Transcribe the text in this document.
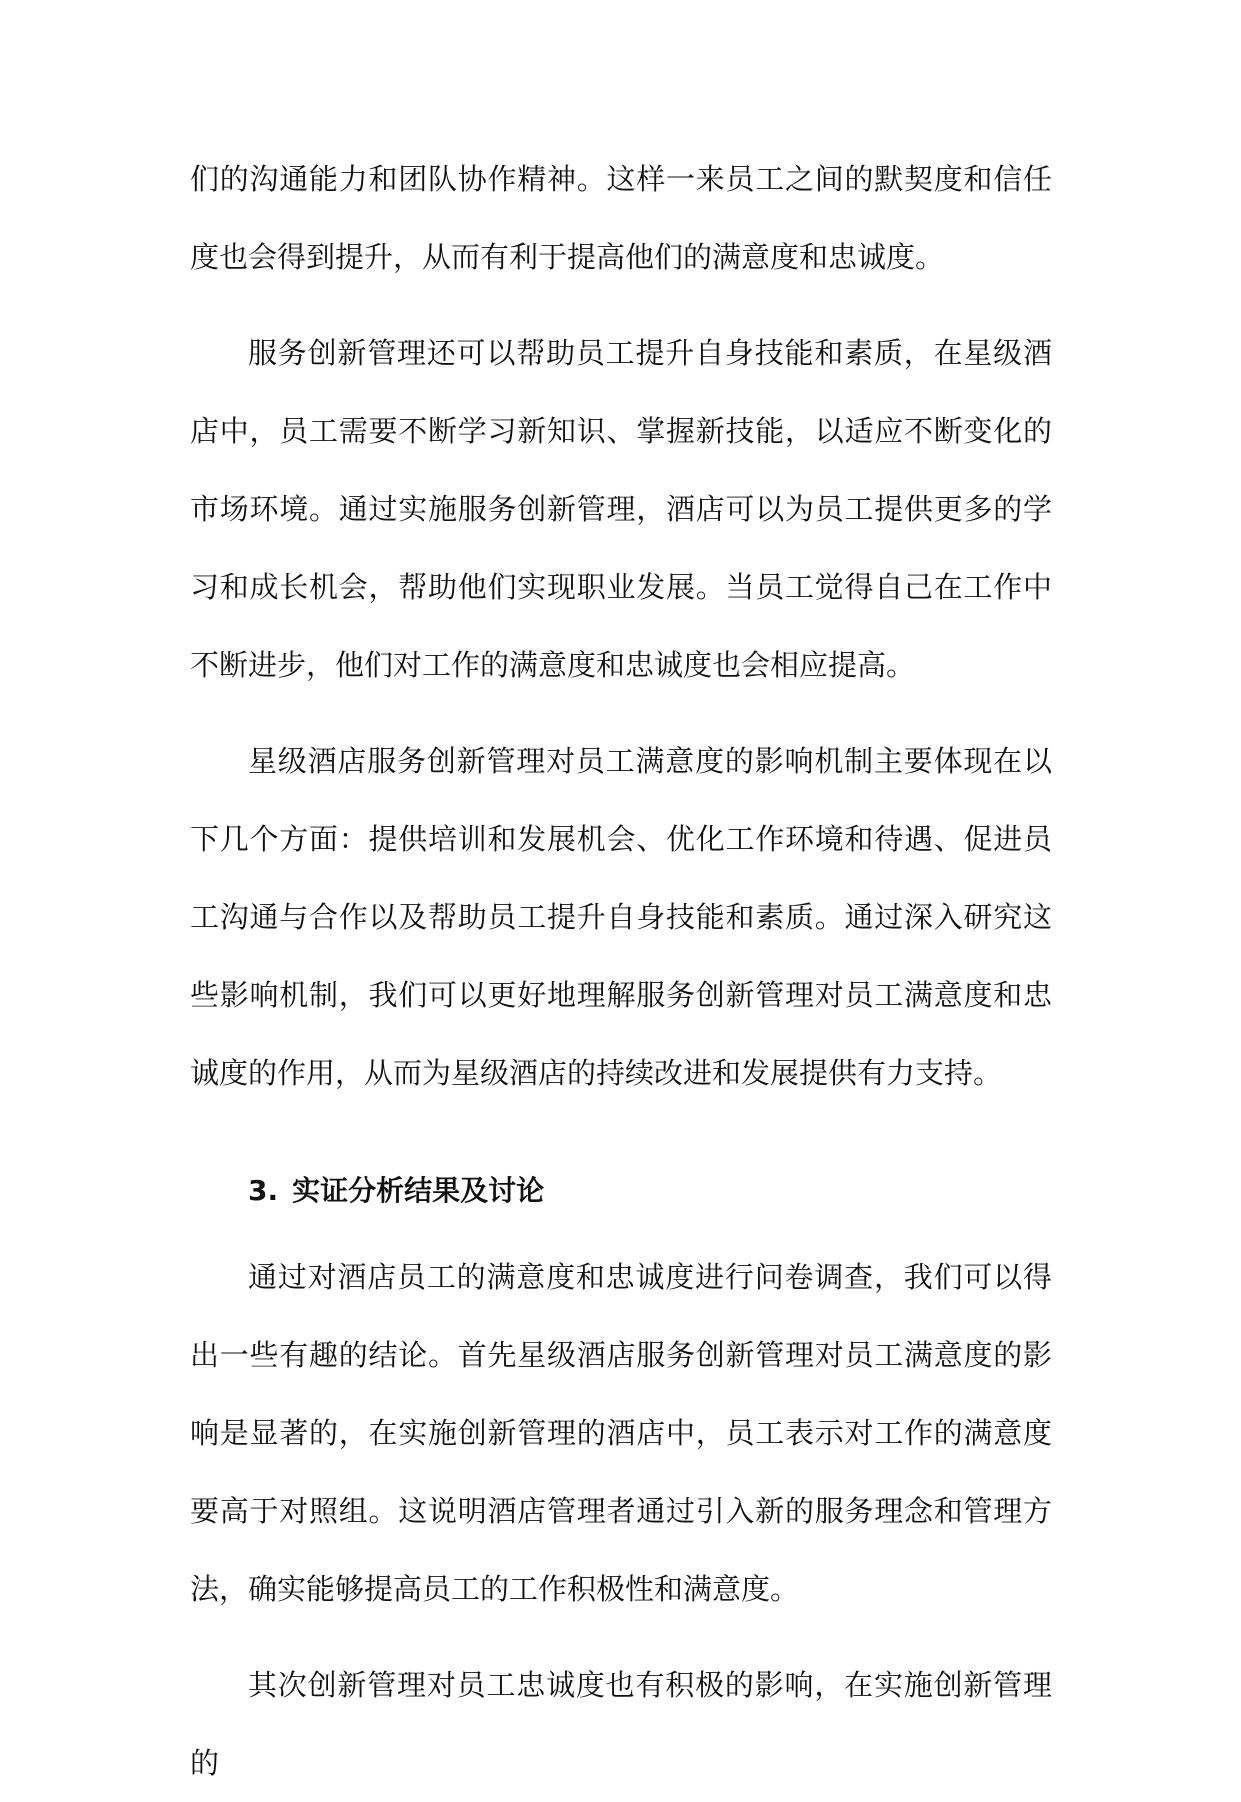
们的沟通能力和团队协作精神。这样一来员工之间的默契度和信任度也会得到提升，从而有利于提高他们的满意度和忠诚度。

服务创新管理还可以帮助员工提升自身技能和素质，在星级酒店中，员工需要不断学习新知识、掌握新技能，以适应不断变化的市场环境。通过实施服务创新管理，酒店可以为员工提供更多的学习和成长机会，帮助他们实现职业发展。当员工觉得自己在工作中不断进步，他们对工作的满意度和忠诚度也会相应提高。

星级酒店服务创新管理对员工满意度的影响机制主要体现在以下几个方面：提供培训和发展机会、优化工作环境和待遇、促进员工沟通与合作以及帮助员工提升自身技能和素质。通过深入研究这些影响机制，我们可以更好地理解服务创新管理对员工满意度和忠诚度的作用，从而为星级酒店的持续改进和发展提供有力支持。

3. 实证分析结果及讨论

通过对酒店员工的满意度和忠诚度进行问卷调查，我们可以得出一些有趣的结论。首先星级酒店服务创新管理对员工满意度的影响是显著的，在实施创新管理的酒店中，员工表示对工作的满意度要高于对照组。这说明酒店管理者通过引入新的服务理念和管理方法，确实能够提高员工的工作积极性和满意度。

其次创新管理对员工忠诚度也有积极的影响，在实施创新管理的
